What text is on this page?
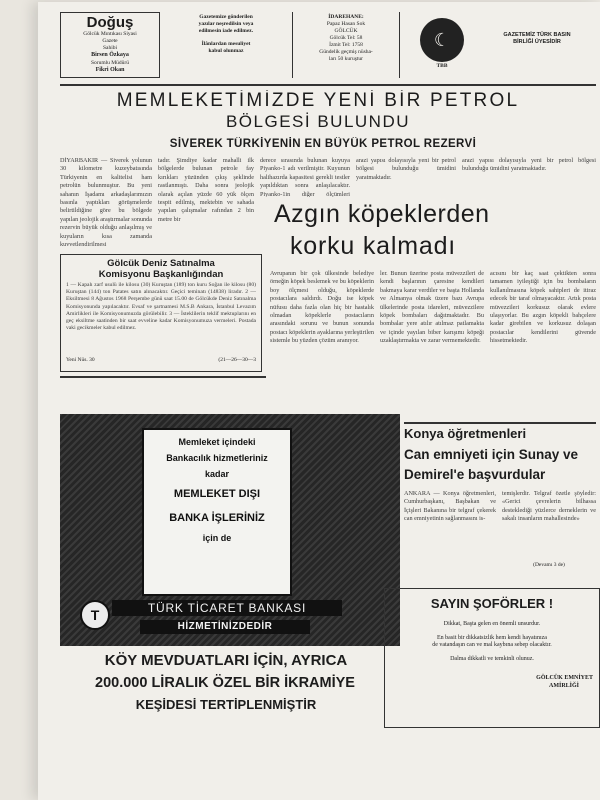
Doğuş
Gölcük Mıntıkası Siyasi
Gazete
Sahibi
Birsen Özkaya
Sorumlu Müdürü
Fikri Okan
Gazetemize gönderilen
yazılar neşredilsin veya
edilmesin iade edilmez.
İlânlardan mesuliyet
kabul olunmaz
İDAREHANE:
Papaz Hasan Sok
GÖLCÜK
Gölcük Tel: 58
İzmit Tel: 1758
Gündelik geçmiş nüsha-
ları 50 kuruştur
☾
TBB
GAZETEMİZ TÜRK BASIN
BİRLİĞİ ÜYESİDİR
MEMLEKETİMİZDE YENİ BİR PETROL
BÖLGESİ BULUNDU
SİVEREK TÜRKİYENİN EN BÜYÜK PETROL REZERVİ
DİYARBAKIR — Siverek yolunun 30 kilometre kuzeybatısında Türkiyenin en kalitelisi ham petrolün bulunmuştur. Bu yeni sahanın İşadamı arkadaşlarımızın basınla yaptıkları görüşmelerde belirtildiğine göre bu bölgede yapılan jeolojik araştırmalar sonunda rezervin büyük olduğu anlaşılmış ve kuyuların kısa zamanda kuvvetlendirilmesi
tadır. Şimdiye kadar mahalli ilk bölgelerde bulunan petrole fay kırıkları yüzünden çıkış şeklinde rastlanmıştı. Daha sonra jeolojik olarak açılan yüzde 60 yük ölçen tespit edilmiş, mektebin ve sahada yapılan çalışmalar rafından 2 bin metre bir
derece sırasında bulunan kuyuya Piyanko-1 adı verilmiştir. Kuyunun halihazırda kapasitesi gerekli testler yapıldıktan sonra anlaşılacaktır. Piyanko-1in diğer ölçümleri
arazi yapısı dolayısıyla yeni bir petrol bölgesi bulunduğu ümidini yaratmaktadır.

arazi yapısı dolayısıyla yeni bir petrol bölgesi bulunduğu ümidini yaratmaktadır.

Azgın köpeklerden
korku kalmadı
Avrupanın bir çok ülkesinde belediye örneğin köpek beslemek ve bu köpeklerin boy ölçmesi olduğu, köpeklerde postacılara saldırdı. Doğu ise köpek nüfusu daha fazla olan hiç bir hastalık olmadan köpeklerle postacıların arasındaki sorunu ve bunun sonunda postacı köpeklerin ayaklarına yerleştirilen sistemle bu yüzden çözüm aranıyor.
ler. Bunun üzerine posta müvezzileri de kendi başlarının çaresine kendileri bakmaya karar verdiler ve başta Hollanda ve Almanya olmak üzere bazı Avrupa ülkelerinde posta idareleri, müvezzilere köpek bombaları dağıtmaktadır. Bu bombalar yere atılır atılmaz patlamakta ve içinde yayılan biber karışımı köpeği uzaklaştırmakta ve zarar vermemektedir.
acısını bir kaç saat çektikten sonra tamamen iyileştiği için bu bombaların kullanılmasına köpek sahipleri de itiraz edecek bir taraf olmayacaktır. Artık posta müvezzileri korkusuz olarak evlere ulaşıyorlar. Bu azgın köpekli bahçelere kadar girebilen ve korkusuz dolaşan postacılar kendilerini güvende hissetmektedir.
Gölcük Deniz Satınalma
Komisyonu Başkanlığından
1 — Kapalı zarf usulü ile kilosu (30) Kuruştan (189) ton kuru Soğan ile kilosu (80) Kuruştan (144) ton Patates satın alınacaktır. Geçici teminatı (14838) liradır. 2 — Eksiltmesi 8 Ağustos 1968 Perşembe günü saat 15.00 de Gölcükde Deniz Satınalma Komisyonunda yapılacaktır. Evsaf ve şartnamesi M.S.B Ankara, İstanbul Levazım Amirlikleri ile Komisyonumuzda görülebilir. 3 — İsteklilerin teklif mektuplarını en geç eksiltme saatinden bir saat evveline kadar Komisyonumuza vermeleri. Postada vaki gecikmeler kabul edilmez.
Yeni Nüs. 30	(21—26—30—3
Memleket içindeki
Bankacılık hizmetleriniz
kadar
MEMLEKET DIŞI
BANKA İŞLERİNİZ
için de
T	TÜRK TİCARET BANKASI
HİZMETİNİZDEDİR
KÖY MEVDUATLARI İÇİN, AYRICA
200.000 LİRALIK ÖZEL BİR İKRAMİYE
KEŞİDESİ TERTİPLENMİŞTİR
Konya öğretmenleri
Can emniyeti için Sunay ve
Demirel'e başvurdular
ANKARA — Konya öğretmenleri, Cumhurbaşkanı, Başbakan ve İçişleri Bakanına bir telgraf çekerek can emniyetinin sağlanmasını is-
temişlerdir. Telgraf özetle şöyledir: «Gerici çevrelerin bilhassa desteklediği yüzlerce derneklerin ve sakalı insanların mahallesinde»
(Devamı 3 de)
SAYIN ŞOFÖRLER !
Dikkat, Başta gelen en önemli unsurdur.
En basit bir dikkatsizlik hem kendi hayatınıza
de vatandaşın can ve mal kaybına sebep olacaktır.
Dalma dikkatli ve temkinli olunuz.
GÖLCÜK EMNİYET
AMİRLİĞİ
